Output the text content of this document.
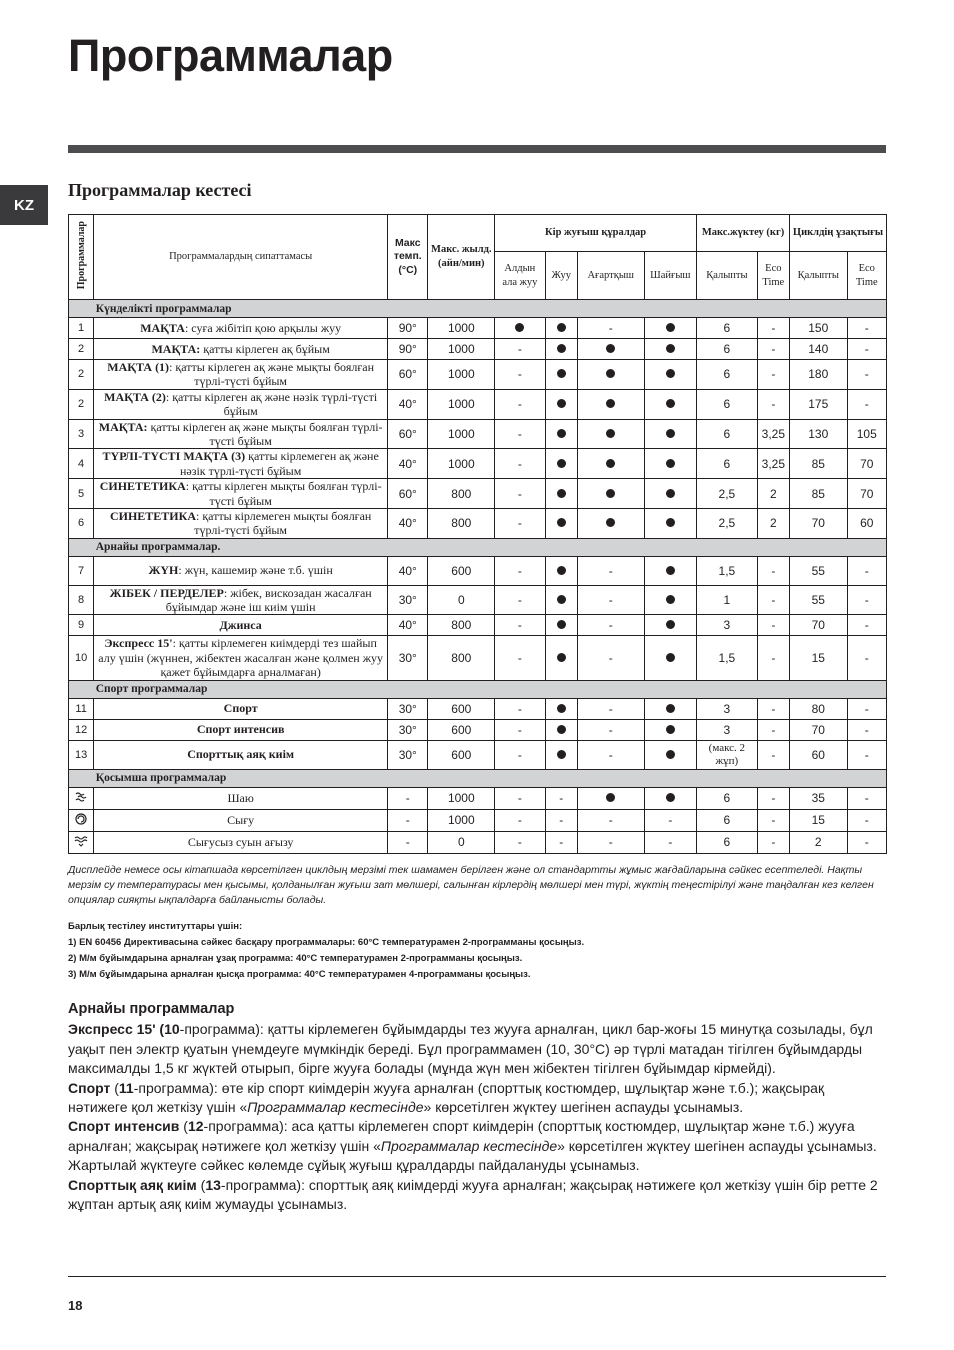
Программалар
KZ
Программалар кестесі
Программалар	Программалардың сипаттамасы	Макс темп. (°C)	Макс. жылд. (айн/мин)	Кір жуғыш құралдар				Макс.жүктеу (кг)		Циклдің ұзақтығы	
				Алдын ала жуу	Жуу	Ағартқыш	Шайғыш	Қалыпты	Eco Time	Қалыпты	Eco Time
	Күнделікті программалар										
1	МАҚТА: суға жібітіп қою арқылы жуу	90°	1000			-		6	-	150	-
2	МАҚТА: қатты кірлеген ақ бұйым	90°	1000	-				6	-	140	-
2	МАҚТА (1): қатты кірлеген ақ және мықты боялған түрлі-түсті бұйым	60°	1000	-				6	-	180	-
2	МАҚТА (2): қатты кірлеген ақ және нәзік түрлі-түсті бұйым	40°	1000	-				6	-	175	-
3	МАҚТА: қатты кірлеген ақ және мықты боялған түрлі-түсті бұйым	60°	1000	-				6	3,25	130	105
4	ТҮРЛІ-ТҮСТІ МАҚТА (3) қатты кірлемеген ақ және нәзік түрлі-түсті бұйым	40°	1000	-				6	3,25	85	70
5	СИНЕТЕТИКА: қатты кірлеген мықты боялған түрлі-түсті бұйым	60°	800	-				2,5	2	85	70
6	СИНЕТЕТИКА: қатты кірлемеген мықты боялған түрлі-түсті бұйым	40°	800	-				2,5	2	70	60
	Арнайы программалар.										
7	ЖҮН: жүн, кашемир және т.б. үшін	40°	600	-		-		1,5	-	55	-
8	ЖІБЕК / ПЕРДЕЛЕР: жібек, вискозадан жасалған бұйымдар және іш киім үшін	30°	0	-		-		1	-	55	-
9	Джинса	40°	800	-		-		3	-	70	-
10	Экспресс 15': қатты кірлемеген киімдерді тез шайып алу үшін (жүннен, жібектен жасалған және қолмен жуу қажет бұйымдарға арналмаған)	30°	800	-		-		1,5	-	15	-
	Спорт программалар										
11	Спорт	30°	600	-		-		3	-	80	-
12	Спорт интенсив	30°	600	-		-		3	-	70	-
13	Спорттық аяқ киім	30°	600	-		-		(макс. 2 жұп)	-	60	-
	Қосымша программалар										
	Шаю	-	1000	-	-			6	-	35	-
	Сығу	-	1000	-	-	-	-	6	-	15	-
	Сығусыз суын ағызу	-	0	-	-	-	-	6	-	2	-

Дисплейде немесе осы кітапшада көрсетілген циклдың мерзімі тек шамамен берілген және ол стандартты жұмыс жағдайларына сәйкес есептеледі. Нақты мерзім су температурасы мен қысымы, қолданылған жуғыш зат мөлшері, салынған кірлердің мөлшері мен түрі, жүктің теңестірілуі және таңдалған кез келген опциялар сияқты ықпалдарға байланысты болады.

Барлық тестілеу институттары үшін:
1) EN 60456 Директивасына сәйкес басқару программалары: 60°C температурамен 2-программаны қосыңыз.
2) М/м бұйымдарына арналған ұзақ программа: 40°C температурамен 2-программаны қосыңыз.
3) М/м бұйымдарына арналған қысқа программа: 40°C температурамен 4-программаны қосыңыз.
Арнайы программалар

Экспресс 15' (10-программа): қатты кірлемеген бұйымдарды тез жууға арналған, цикл бар-жоғы 15 минутқа созылады, бұл уақыт пен электр қуатын үнемдеуге мүмкіндік береді. Бұл программамен (10, 30°C) әр түрлі матадан тігілген бұйымдарды максималды 1,5 кг жүктей отырып, бірге жууға болады (мұнда жүн мен жібектен тігілген бұйымдар кірмейді).

Спорт (11-программа): өте кір спорт киімдерін жууға арналған (спорттық костюмдер, шұлықтар және т.б.); жақсырақ нәтижеге қол жеткізу үшін «Программалар кестесінде» көрсетілген жүктеу шегінен аспауды ұсынамыз.

Спорт интенсив (12-программа): аса қатты кірлемеген спорт киімдерін (спорттық костюмдер, шұлықтар және т.б.) жууға арналған; жақсырақ нәтижеге қол жеткізу үшін «Программалар кестесінде» көрсетілген жүктеу шегінен аспауды ұсынамыз. Жартылай жүктеуге сәйкес көлемде сұйық жуғыш құралдарды пайдалануды ұсынамыз.

Спорттық аяқ киім (13-программа): спорттық аяқ киімдерді жууға арналған; жақсырақ нәтижеге қол жеткізу үшін бір ретте 2 жұптан артық аяқ киім жумауды ұсынамыз.

18
